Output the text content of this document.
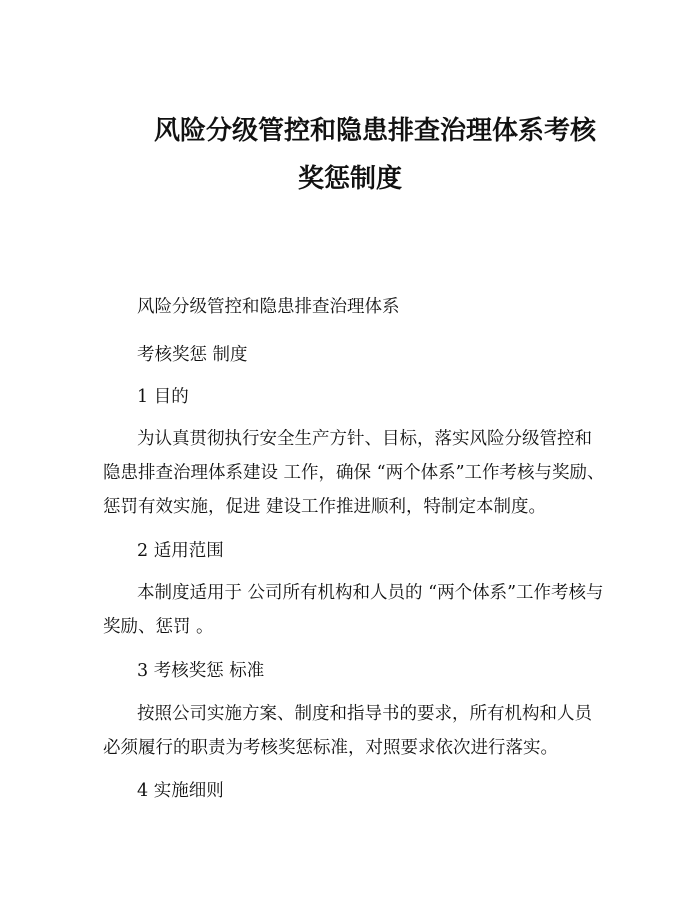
风险分级管控和隐患排查治理体系考核
奖惩制度
风险分级管控和隐患排查治理体系
考核奖惩 制度
1 目的
为认真贯彻执行安全生产方针、目标，落实风险分级管控和
隐患排查治理体系建设 工作，确保 “两个体系”工作考核与奖励、
惩罚有效实施，促进 建设工作推进顺利，特制定本制度。
2 适用范围
本制度适用于 公司所有机构和人员的 “两个体系”工作考核与
奖励、惩罚 。
3 考核奖惩 标准
按照公司实施方案、制度和指导书的要求，所有机构和人员
必须履行的职责为考核奖惩标准，对照要求依次进行落实。
4 实施细则
